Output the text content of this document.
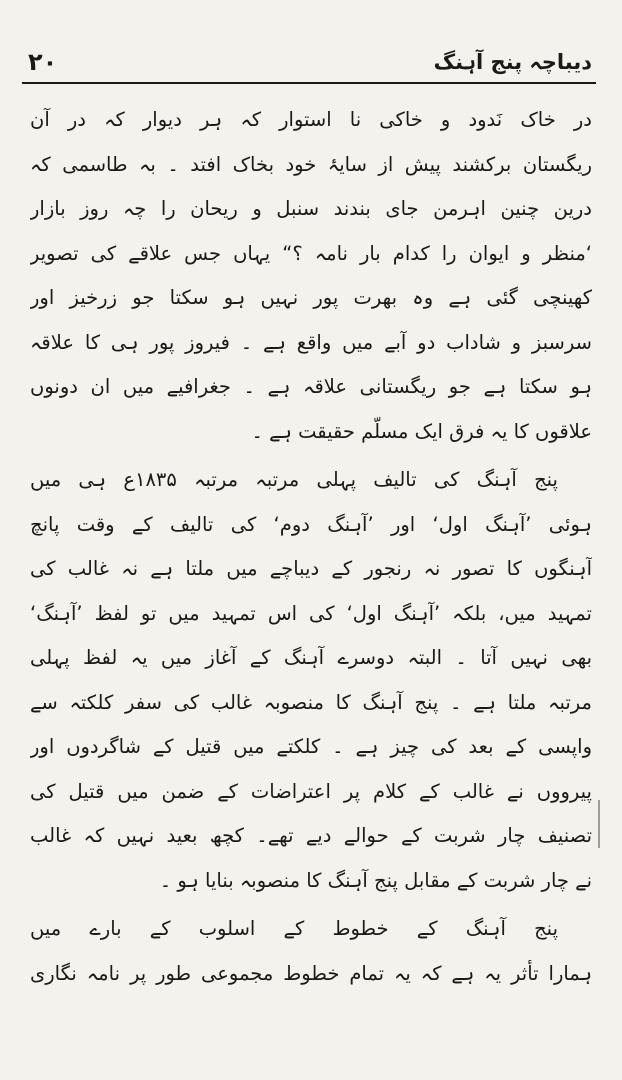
٢٠	دیباچہ پنج آہنگ
در خاک نَدود و خاکی نا استوار کہ ہر دیوار کہ در آن
ریگستان برکشند پیش از سایۂ خود بخاک افتد ۔ بہ طاسمی کہ
درین چنین اہرمن جای بندند سنبل و ریحان را چہ روز بازار
‘منظر و ایوان را کدام بار نامہ ؟“ یہاں جس علاقے کی تصویر
کھینچی گئی ہے وہ بھرت پور نہیں ہو سکتا جو زرخیز اور
سرسبز و شاداب دو آبے میں واقع ہے ۔ فیروز پور ہی کا علاقہ
ہو سکتا ہے جو ریگستانی علاقہ ہے ۔ جغرافیے میں ان دونوں
علاقوں کا یہ فرق ایک مسلّم حقیقت ہے ۔
پنج آہنگ کی تالیف پہلی مرتبہ مرتبہ ۱۸۳۵ع ہی میں
ہوئی ’آہنگ اول‘ اور ’آہنگ دوم‘ کی تالیف کے وقت پانچ
آہنگوں کا تصور نہ رنجور کے دیباچے میں ملتا ہے نہ غالب کی
تمہید میں، بلکہ ’آہنگ اول‘ کی اس تمہید میں تو لفظ ’آہنگ‘
بھی نہیں آتا ۔ البتہ دوسرے آہنگ کے آغاز میں یہ لفظ پہلی
مرتبہ ملتا ہے ۔ پنج آہنگ کا منصوبہ غالب کی سفر کلکتہ سے
واپسی کے بعد کی چیز ہے ۔ کلکتے میں قتیل کے شاگردوں اور
پیرووں نے غالب کے کلام پر اعتراضات کے ضمن میں قتیل کی
تصنیف چار شربت کے حوالے دیے تھے۔ کچھ بعید نہیں کہ غالب
نے چار شربت کے مقابل پنج آہنگ کا منصوبہ بنایا ہو ۔
پنج آہنگ کے خطوط کے اسلوب کے بارے میں
ہمارا تأثر یہ ہے کہ یہ تمام خطوط مجموعی طور پر نامہ نگاری
